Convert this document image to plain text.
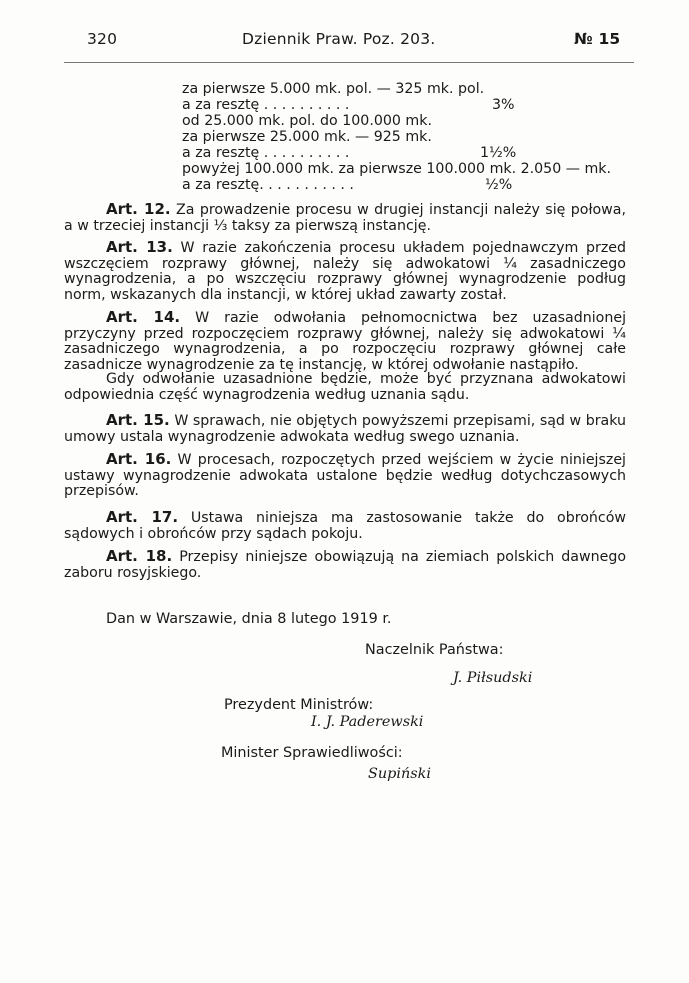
320	Dziennik Praw. Poz. 203.	№ 15
za pierwsze 5.000 mk. pol. — 325 mk. pol.
a za resztę . . . . . . . . . .	3%
od 25.000 mk. pol. do 100.000 mk.
za pierwsze 25.000 mk. — 925 mk.
a za resztę . . . . . . . . . .	1½%
powyżej 100.000 mk. za pierwsze 100.000 mk. 2.050 — mk.
a za resztę. . . . . . . . . . .	½%
Art. 12. Za prowadzenie procesu w drugiej instancji należy się połowa, a w trzeciej instancji ⅓ taksy za pierwszą instancję.
Art. 13. W razie zakończenia procesu układem pojednawczym przed wszczęciem rozprawy głównej, należy się adwokatowi ¼ zasadniczego wynagrodzenia, a po wszczęciu rozprawy głównej wynagrodzenie podług norm, wskazanych dla instancji, w której układ zawarty został.
Art. 14. W razie odwołania pełnomocnictwa bez uzasadnionej przyczyny przed rozpoczęciem rozprawy głównej, należy się adwokatowi ¼ zasadniczego wynagrodzenia, a po rozpoczęciu rozprawy głównej całe zasadnicze wynagrodzenie za tę instancję, w której odwołanie nastąpiło.
Gdy odwołanie uzasadnione będzie, może być przyznana adwokatowi odpowiednia część wynagrodzenia według uznania sądu.
Art. 15. W sprawach, nie objętych powyższemi przepisami, sąd w braku umowy ustala wynagrodzenie adwokata według swego uznania.
Art. 16. W procesach, rozpoczętych przed wejściem w życie niniejszej ustawy wynagrodzenie adwokata ustalone będzie według dotychczasowych przepisów.
Art. 17. Ustawa niniejsza ma zastosowanie także do obrońców sądowych i obrońców przy sądach pokoju.
Art. 18. Przepisy niniejsze obowiązują na ziemiach polskich dawnego zaboru rosyjskiego.
Dan w Warszawie, dnia 8 lutego 1919 r.
Naczelnik Państwa:
J. Piłsudski
Prezydent Ministrów:
I. J. Paderewski
Minister Sprawiedliwości:
Supiński
